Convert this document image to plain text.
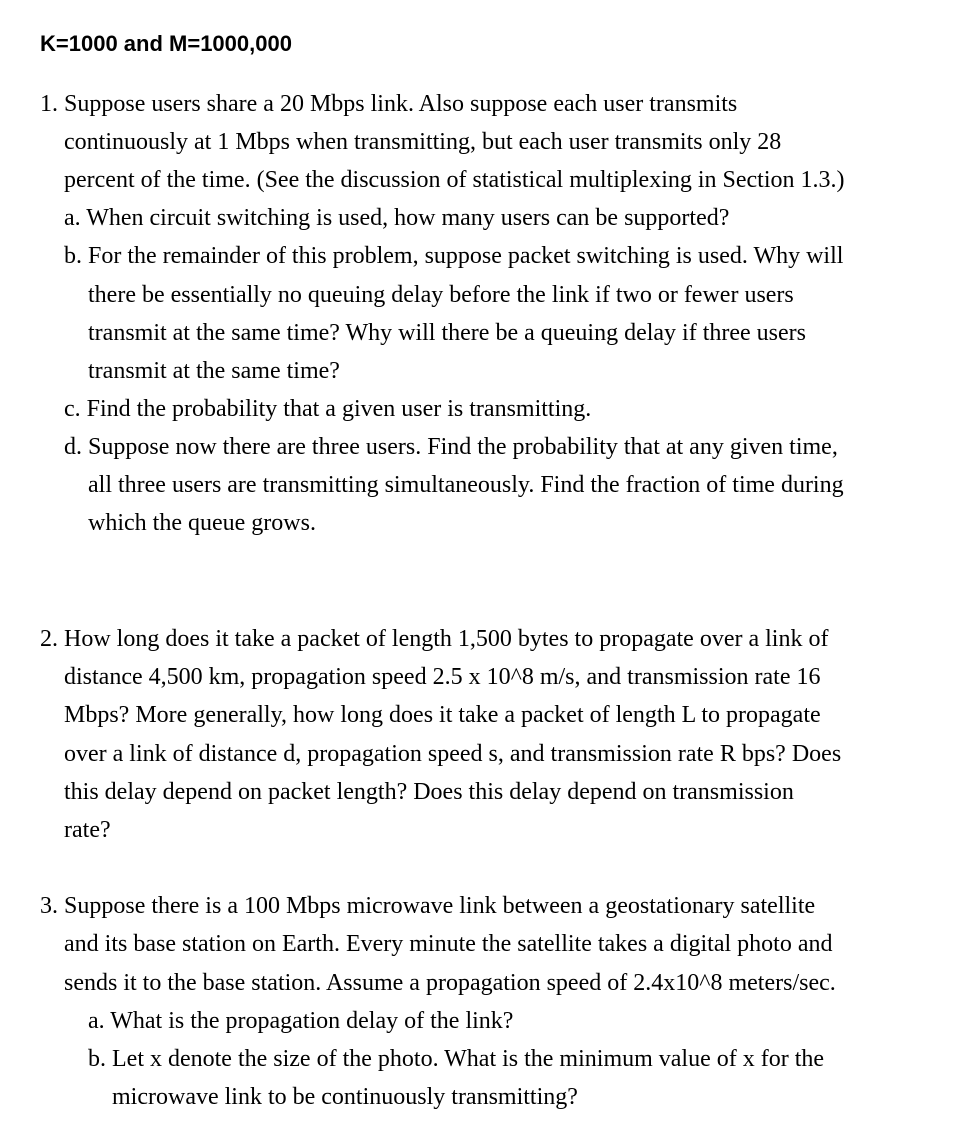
K=1000 and M=1000,000
1. Suppose users share a 20 Mbps link. Also suppose each user transmits
continuously at 1 Mbps when transmitting, but each user transmits only 28
percent of the time. (See the discussion of statistical multiplexing in Section 1.3.)
a. When circuit switching is used, how many users can be supported?
b. For the remainder of this problem, suppose packet switching is used. Why will
there be essentially no queuing delay before the link if two or fewer users
transmit at the same time? Why will there be a queuing delay if three users
transmit at the same time?
c. Find the probability that a given user is transmitting.
d. Suppose now there are three users. Find the probability that at any given time,
all three users are transmitting simultaneously. Find the fraction of time during
which the queue grows.
2. How long does it take a packet of length 1,500 bytes to propagate over a link of
distance 4,500 km, propagation speed 2.5 x 10^8 m/s, and transmission rate 16
Mbps? More generally, how long does it take a packet of length L to propagate
over a link of distance d, propagation speed s, and transmission rate R bps? Does
this delay depend on packet length? Does this delay depend on transmission
rate?
3. Suppose there is a 100 Mbps microwave link between a geostationary satellite
and its base station on Earth. Every minute the satellite takes a digital photo and
sends it to the base station. Assume a propagation speed of 2.4x10^8 meters/sec.
a. What is the propagation delay of the link?
b. Let x denote the size of the photo. What is the minimum value of x for the
microwave link to be continuously transmitting?
